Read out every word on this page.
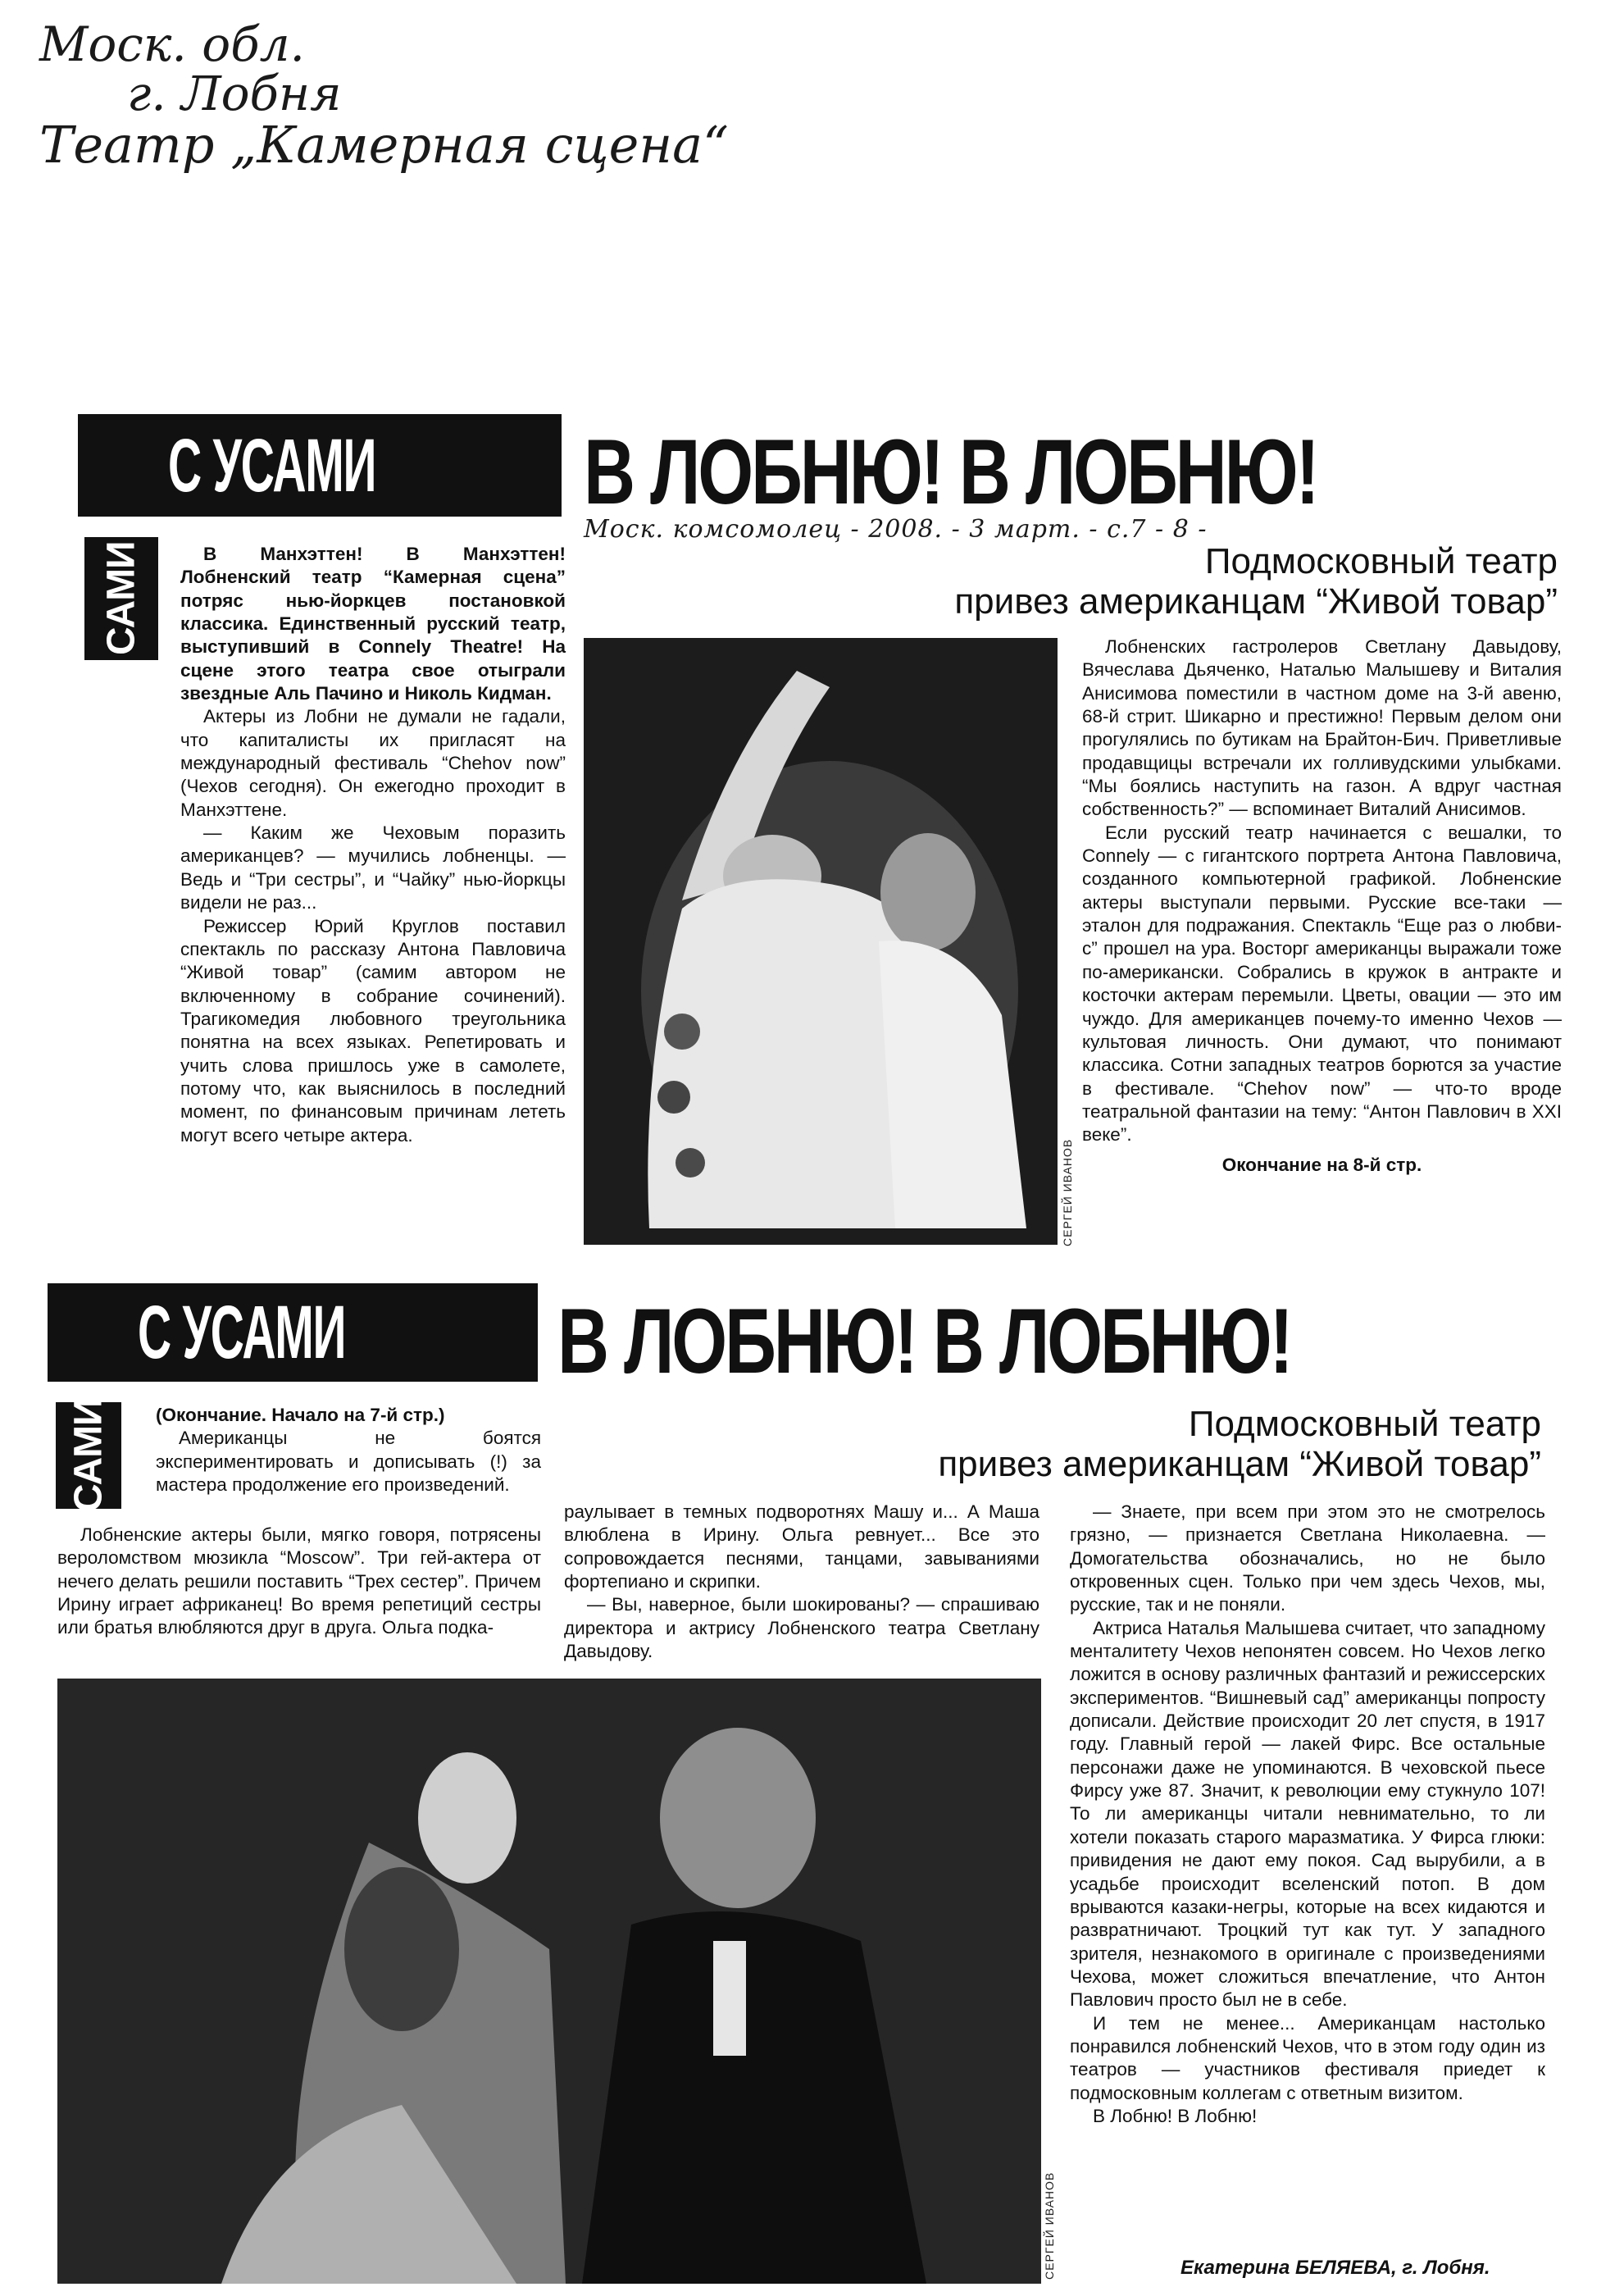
Моск. обл.
г. Лобня
Театр „Камерная сцена“
С УСАМИ
САМИ
В ЛОБНЮ! В ЛОБНЮ!
Моск. комсомолец - 2008. - 3 март. - с.7 - 8 -
Подмосковный театр
привез американцам “Живой товар”

В Манхэттен! В Манхэттен! Лобненский театр “Камерная сцена” потряс нью-йоркцев постановкой классика. Единственный русский театр, выступивший в Connely Theatre! На сцене этого театра свое отыграли звездные Аль Пачино и Николь Кидман.

Актеры из Лобни не думали не гадали, что капиталисты их пригласят на международный фестиваль “Chehov now” (Чехов сегодня). Он ежегодно проходит в Манхэттене.

— Каким же Чеховым поразить американцев? — мучились лобненцы. — Ведь и “Три сестры”, и “Чайку” нью-йоркцы видели не раз...

Режиссер Юрий Круглов поставил спектакль по рассказу Антона Павловича “Живой товар” (самим автором не включенному в собрание сочинений). Трагикомедия любовного треугольника понятна на всех языках. Репетировать и учить слова пришлось уже в самолете, потому что, как выяснилось в последний момент, по финансовым причинам лететь могут всего четыре актера.

СЕРГЕЙ ИВАНОВ

Лобненских гастролеров Светлану Давыдову, Вячеслава Дьяченко, Наталью Малышеву и Виталия Анисимова поместили в частном доме на 3-й авеню, 68-й стрит. Шикарно и престижно! Первым делом они прогулялись по бутикам на Брайтон-Бич. Приветливые продавщицы встречали их голливудскими улыбками. “Мы боялись наступить на газон. А вдруг частная собственность?” — вспоминает Виталий Анисимов.

Если русский театр начинается с вешалки, то Connely — с гигантского портрета Антона Павловича, созданного компьютерной графикой. Лобненские актеры выступали первыми. Русские все-таки — эталон для подражания. Спектакль “Еще раз о любви-с” прошел на ура. Восторг американцы выражали тоже по-американски. Собрались в кружок в антракте и косточки актерам перемыли. Цветы, овации — это им чуждо. Для американцев почему-то именно Чехов — культовая личность. Они думают, что понимают классика. Сотни западных театров борются за участие в фестивале. “Chehov now” — что-то вроде театральной фантазии на тему: “Антон Павлович в XXI веке”.

Окончание на 8-й стр.

С УСАМИ
САМИ
В ЛОБНЮ! В ЛОБНЮ!
Подмосковный театр
привез американцам “Живой товар”

(Окончание. Начало на 7-й стр.)

Американцы не боятся экспериментировать и дописывать (!) за мастера продолжение его произведений.

Лобненские актеры были, мягко говоря, потрясены вероломством мюзикла “Moscow”. Три гей-актера от нечего делать решили поставить “Трех сестер”. Причем Ирину играет африканец! Во время репетиций сестры или братья влюбляются друг в друга. Ольга подка-

раулывает в темных подворотнях Машу и... А Маша влюблена в Ирину. Ольга ревнует... Все это сопровождается песнями, танцами, завываниями фортепиано и скрипки.

— Вы, наверное, были шокированы? — спрашиваю директора и актрису Лобненского театра Светлану Давыдову.

СЕРГЕЙ ИВАНОВ

— Знаете, при всем при этом это не смотрелось грязно, — признается Светлана Николаевна. — Домогательства обозначались, но не было откровенных сцен. Только при чем здесь Чехов, мы, русские, так и не поняли.

Актриса Наталья Малышева считает, что западному менталитету Чехов непонятен совсем. Но Чехов легко ложится в основу различных фантазий и режиссерских экспериментов. “Вишневый сад” американцы попросту дописали. Действие происходит 20 лет спустя, в 1917 году. Главный герой — лакей Фирс. Все остальные персонажи даже не упоминаются. В чеховской пьесе Фирсу уже 87. Значит, к революции ему стукнуло 107! То ли американцы читали невнимательно, то ли хотели показать старого маразматика. У Фирса глюки: привидения не дают ему покоя. Сад вырубили, а в усадьбе происходит вселенский потоп. В дом врываются казаки-негры, которые на всех кидаются и развратничают. Троцкий тут как тут. У западного зрителя, незнакомого в оригинале с произведениями Чехова, может сложиться впечатление, что Антон Павлович просто был не в себе.

И тем не менее... Американцам настолько понравился лобненский Чехов, что в этом году один из театров — участников фестиваля приедет к подмосковным коллегам с ответным визитом.

В Лобню! В Лобню!

Екатерина БЕЛЯЕВА, г. Лобня.
